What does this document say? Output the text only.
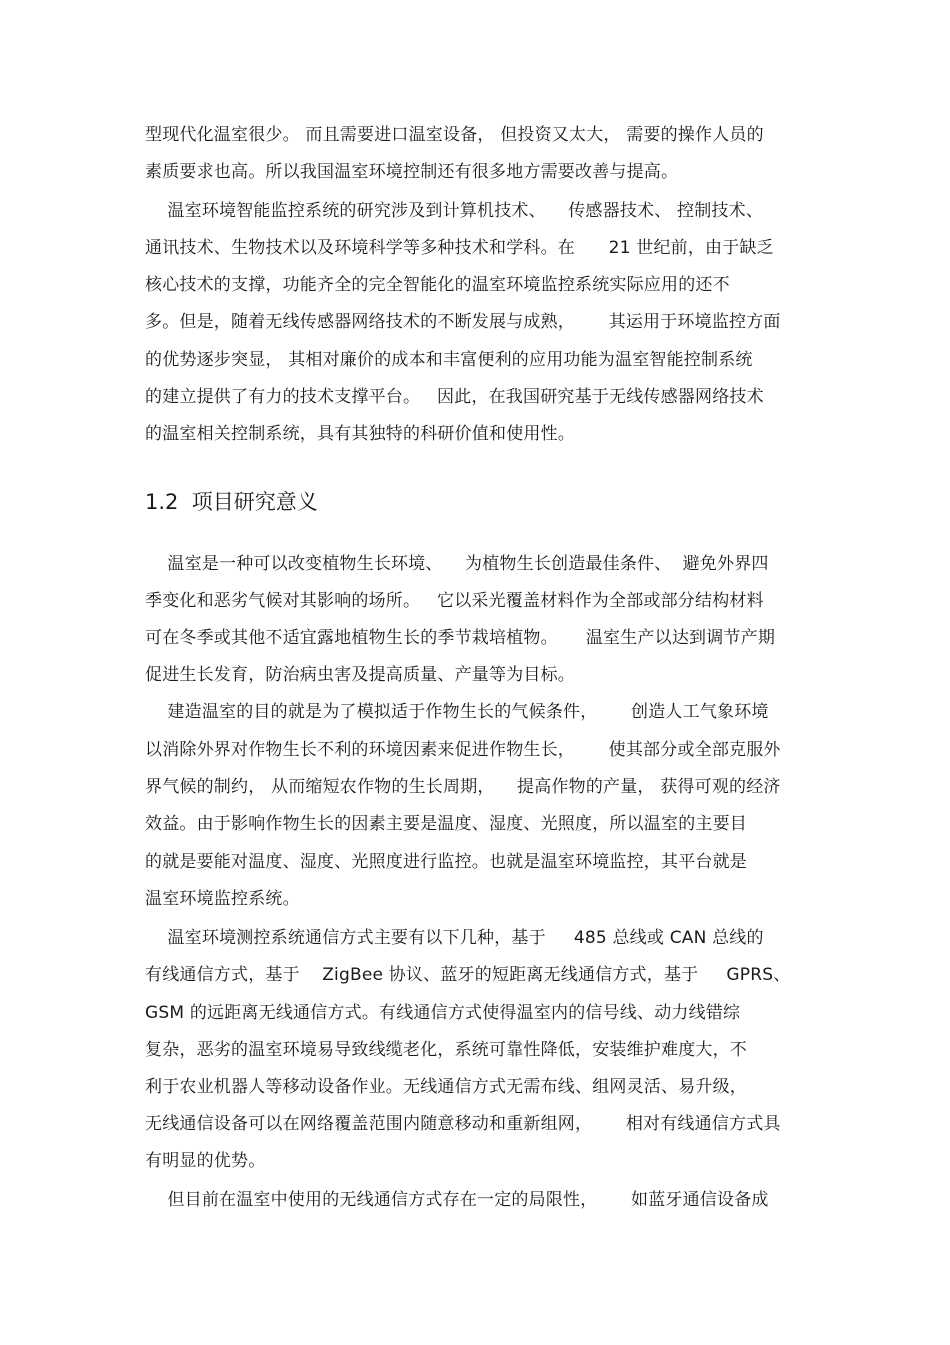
型现代化温室很少。 而且需要进口温室设备， 但投资又太大， 需要的操作人员的
素质要求也高。所以我国温室环境控制还有很多地方需要改善与提高。
温室环境智能监控系统的研究涉及到计算机技术、    传感器技术、 控制技术、
通讯技术、生物技术以及环境科学等多种技术和学科。在      21 世纪前，由于缺乏
核心技术的支撑，功能齐全的完全智能化的温室环境监控系统实际应用的还不
多。但是，随着无线传感器网络技术的不断发展与成熟，      其运用于环境监控方面
的优势逐步突显， 其相对廉价的成本和丰富便利的应用功能为温室智能控制系统
的建立提供了有力的技术支撑平台。   因此，在我国研究基于无线传感器网络技术
的温室相关控制系统，具有其独特的科研价值和使用性。
1.2  项目研究意义
温室是一种可以改变植物生长环境、    为植物生长创造最佳条件、  避免外界四
季变化和恶劣气候对其影响的场所。   它以采光覆盖材料作为全部或部分结构材料
可在冬季或其他不适宜露地植物生长的季节栽培植物。     温室生产以达到调节产期
促进生长发育，防治病虫害及提高质量、产量等为目标。
建造温室的目的就是为了模拟适于作物生长的气候条件，      创造人工气象环境
以消除外界对作物生长不利的环境因素来促进作物生长，      使其部分或全部克服外
界气候的制约， 从而缩短农作物的生长周期，    提高作物的产量， 获得可观的经济
效益。由于影响作物生长的因素主要是温度、湿度、光照度，所以温室的主要目
的就是要能对温度、湿度、光照度进行监控。也就是温室环境监控，其平台就是
温室环境监控系统。
温室环境测控系统通信方式主要有以下几种，基于     485 总线或 CAN 总线的
有线通信方式，基于    ZigBee 协议、蓝牙的短距离无线通信方式，基于     GPRS、
GSM 的远距离无线通信方式。有线通信方式使得温室内的信号线、动力线错综
复杂，恶劣的温室环境易导致线缆老化，系统可靠性降低，安装维护难度大，不
利于农业机器人等移动设备作业。无线通信方式无需布线、组网灵活、易升级，
无线通信设备可以在网络覆盖范围内随意移动和重新组网，      相对有线通信方式具
有明显的优势。
但目前在温室中使用的无线通信方式存在一定的局限性，      如蓝牙通信设备成
